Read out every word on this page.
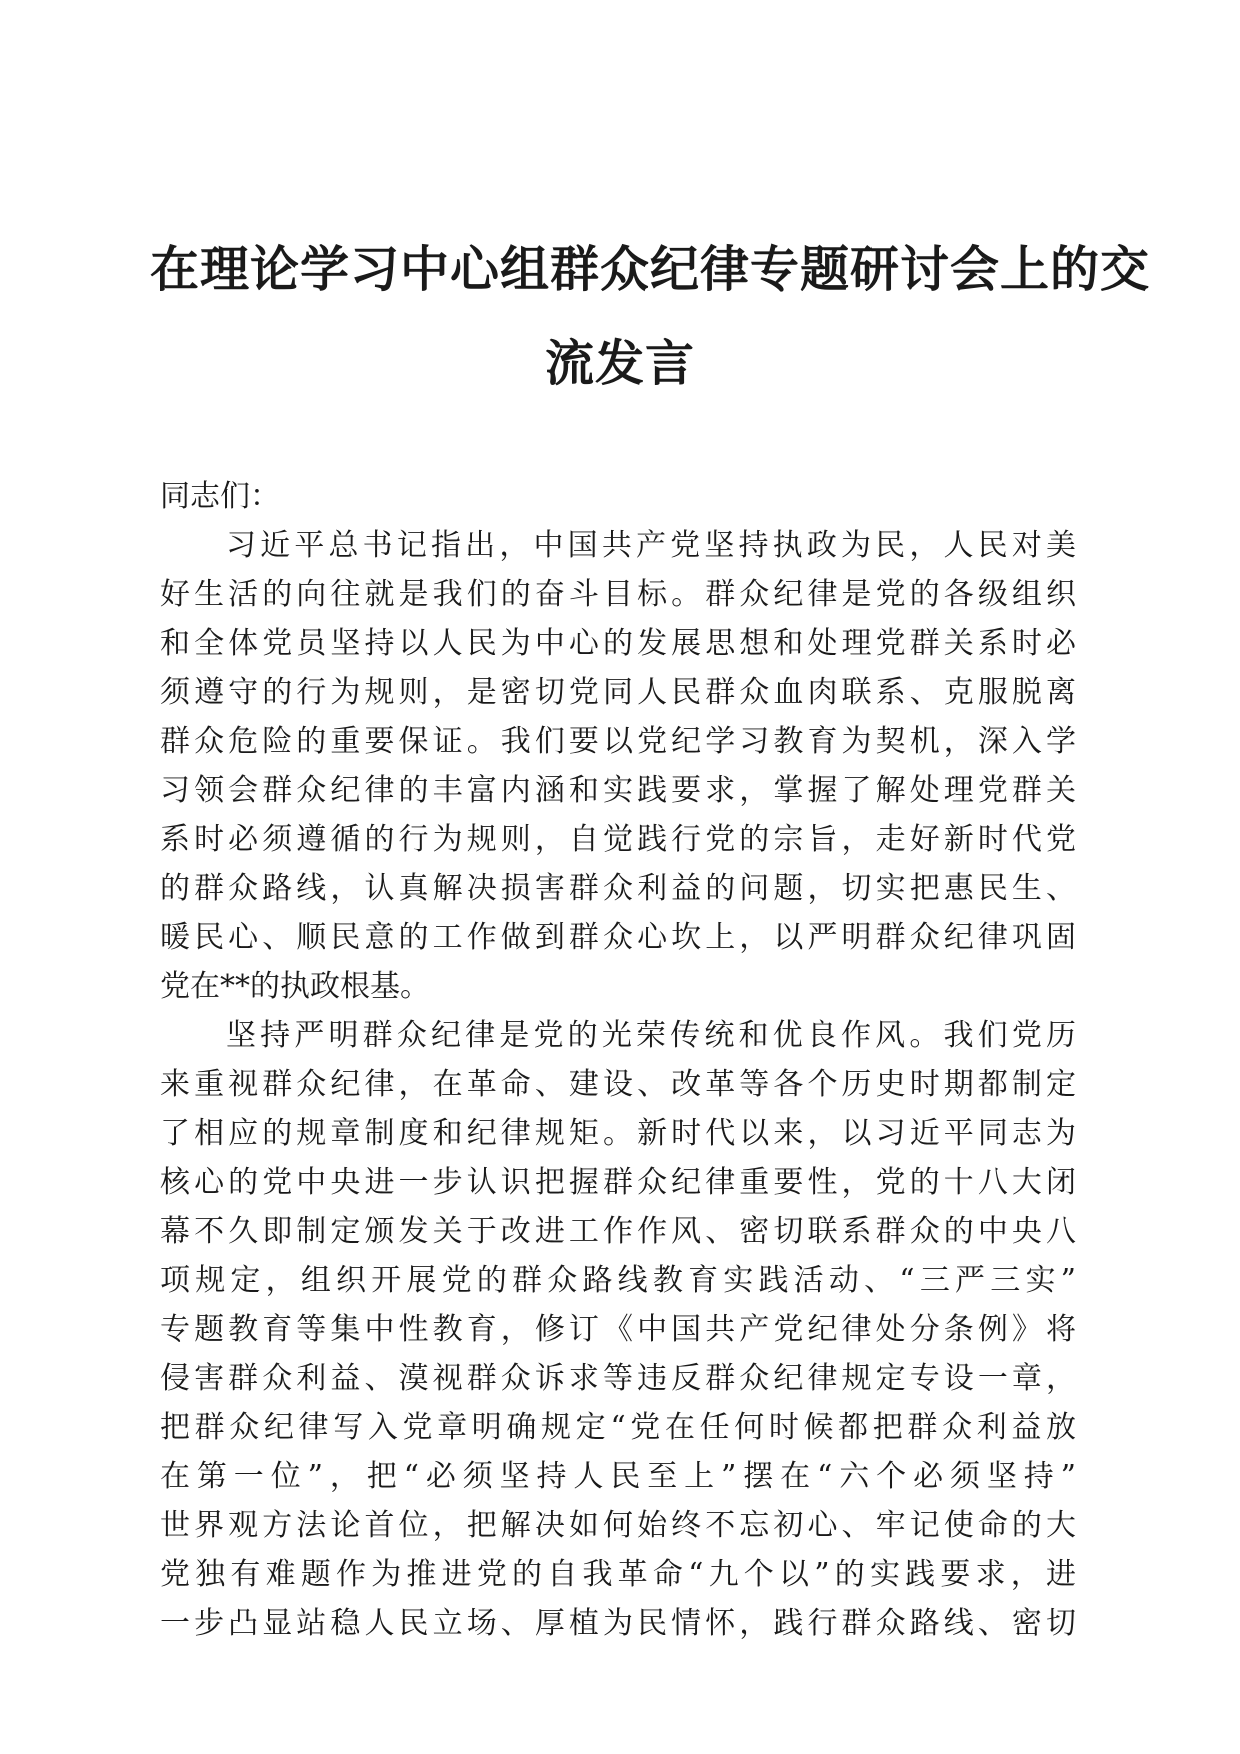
在理论学习中心组群众纪律专题研讨会上的交
流发言
同志们：
习近平总书记指出，中国共产党坚持执政为民，人民对美
好生活的向往就是我们的奋斗目标。群众纪律是党的各级组织
和全体党员坚持以人民为中心的发展思想和处理党群关系时必
须遵守的行为规则，是密切党同人民群众血肉联系、克服脱离
群众危险的重要保证。我们要以党纪学习教育为契机，深入学
习领会群众纪律的丰富内涵和实践要求，掌握了解处理党群关
系时必须遵循的行为规则，自觉践行党的宗旨，走好新时代党
的群众路线，认真解决损害群众利益的问题，切实把惠民生、
暖民心、顺民意的工作做到群众心坎上，以严明群众纪律巩固
党在**的执政根基。
坚持严明群众纪律是党的光荣传统和优良作风。我们党历
来重视群众纪律，在革命、建设、改革等各个历史时期都制定
了相应的规章制度和纪律规矩。新时代以来，以习近平同志为
核心的党中央进一步认识把握群众纪律重要性，党的十八大闭
幕不久即制定颁发关于改进工作作风、密切联系群众的中央八
项规定，组织开展党的群众路线教育实践活动、“三严三实”
专题教育等集中性教育，修订《中国共产党纪律处分条例》将
侵害群众利益、漠视群众诉求等违反群众纪律规定专设一章，
把群众纪律写入党章明确规定“党在任何时候都把群众利益放
在第一位”，把“必须坚持人民至上”摆在“六个必须坚持”
世界观方法论首位，把解决如何始终不忘初心、牢记使命的大
党独有难题作为推进党的自我革命“九个以”的实践要求，进
一步凸显站稳人民立场、厚植为民情怀，践行群众路线、密切
